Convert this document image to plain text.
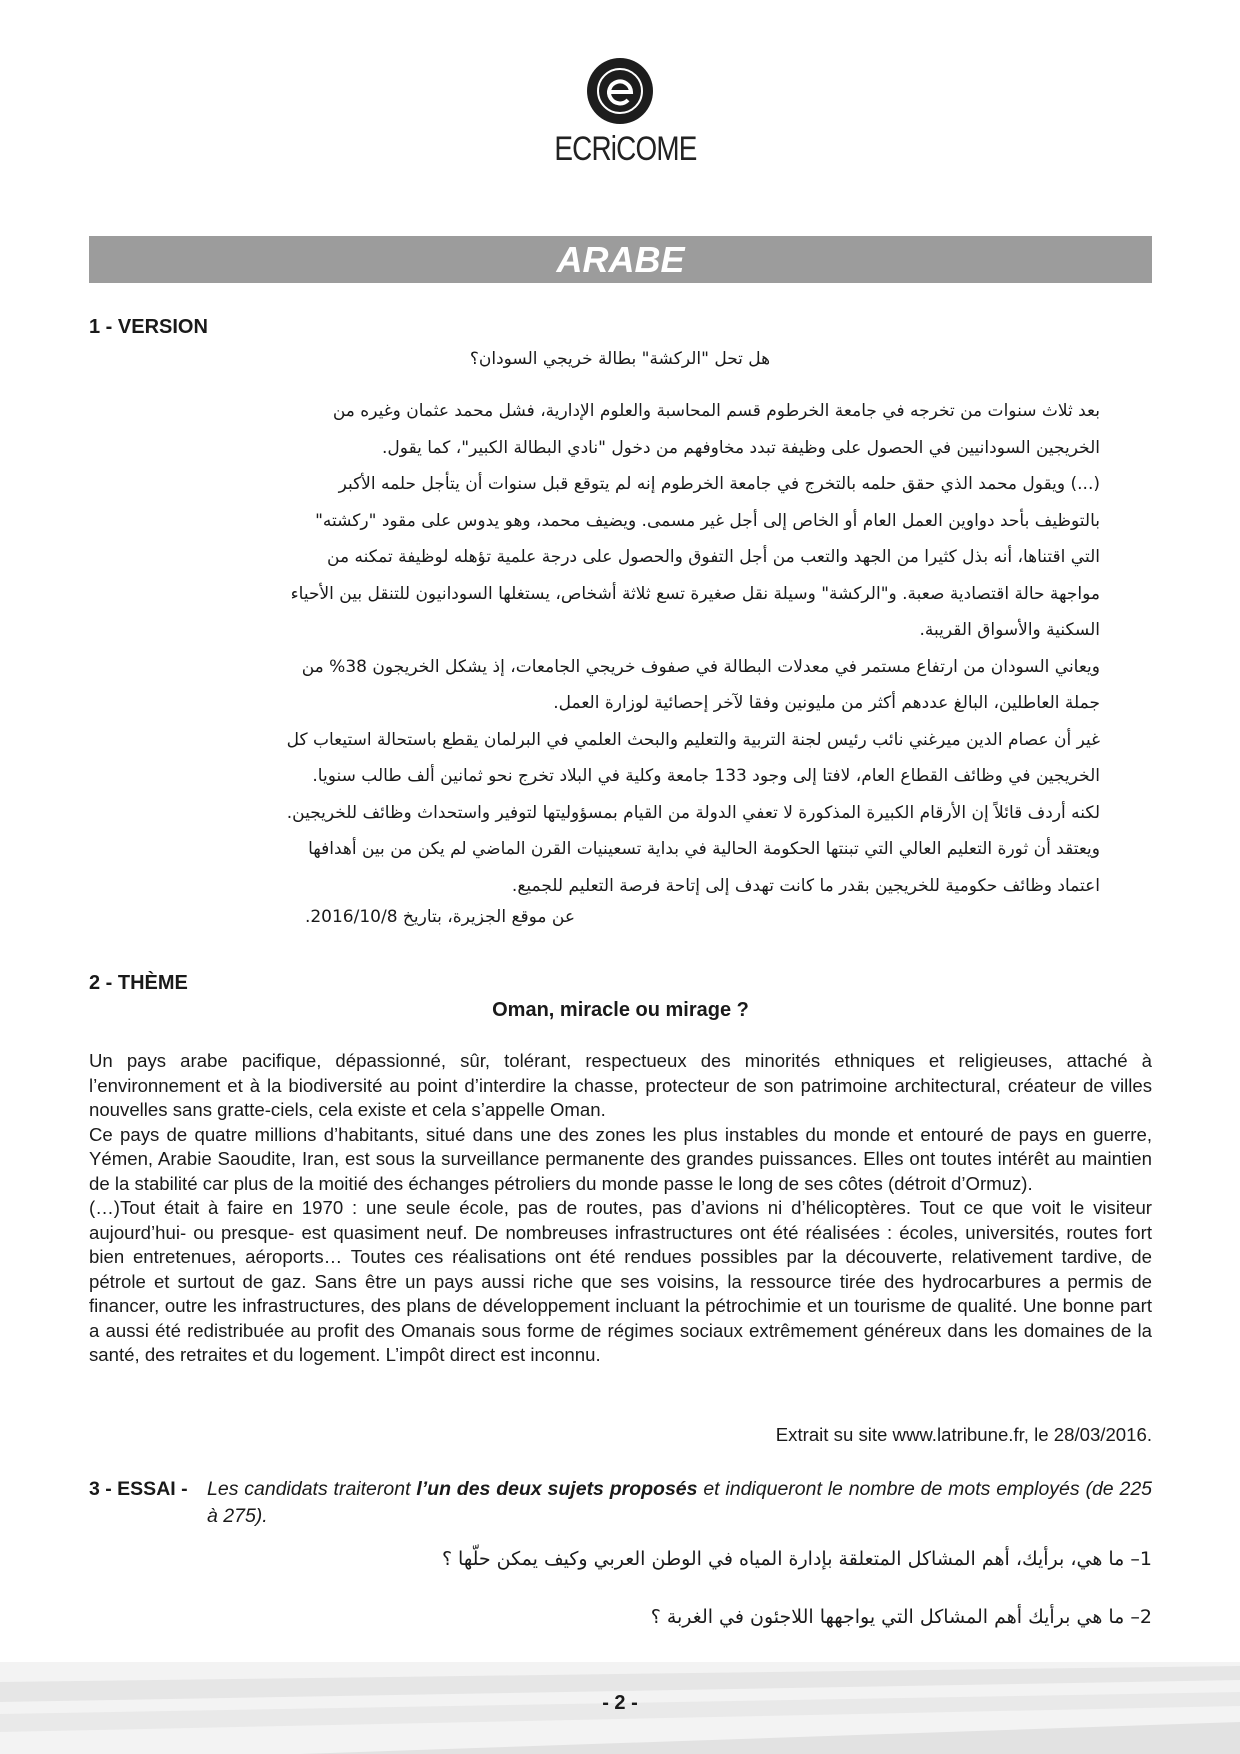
ECRiCOME
ARABE
1 - VERSION
هل تحل "الركشة" بطالة خريجي السودان؟

بعد ثلاث سنوات من تخرجه في جامعة الخرطوم قسم المحاسبة والعلوم الإدارية، فشل محمد عثمان وغيره من

الخريجين السودانيين في الحصول على وظيفة تبدد مخاوفهم من دخول "نادي البطالة الكبير"، كما يقول.

(...) ويقول محمد الذي حقق حلمه بالتخرج في جامعة الخرطوم إنه لم يتوقع قبل سنوات أن يتأجل حلمه الأكبر

بالتوظيف بأحد دواوين العمل العام أو الخاص إلى أجل غير مسمى. ويضيف محمد، وهو يدوس على مقود "ركشته"

التي اقتناها، أنه بذل كثيرا من الجهد والتعب من أجل التفوق والحصول على درجة علمية تؤهله لوظيفة تمكنه من

مواجهة حالة اقتصادية صعبة. و"الركشة" وسيلة نقل صغيرة تسع ثلاثة أشخاص، يستغلها السودانيون للتنقل بين الأحياء

السكنية والأسواق القريبة.

ويعاني السودان من ارتفاع مستمر في معدلات البطالة في صفوف خريجي الجامعات، إذ يشكل الخريجون 38% من

جملة العاطلين، البالغ عددهم أكثر من مليونين وفقا لآخر إحصائية لوزارة العمل.

غير أن عصام الدين ميرغني نائب رئيس لجنة التربية والتعليم والبحث العلمي في البرلمان يقطع باستحالة استيعاب كل

الخريجين في وظائف القطاع العام، لافتا إلى وجود 133 جامعة وكلية في البلاد تخرج نحو ثمانين ألف طالب سنويا.

لكنه أردف قائلاً إن الأرقام الكبيرة المذكورة لا تعفي الدولة من القيام بمسؤوليتها لتوفير واستحداث وظائف للخريجين.

ويعتقد أن ثورة التعليم العالي التي تبنتها الحكومة الحالية في بداية تسعينيات القرن الماضي لم يكن من بين أهدافها

اعتماد وظائف حكومية للخريجين بقدر ما كانت تهدف إلى إتاحة فرصة التعليم للجميع.

عن موقع الجزيرة، بتاريخ 2016/10/8.
2 - THÈME
Oman, miracle ou mirage ?

Un pays arabe pacifique, dépassionné, sûr, tolérant, respectueux des minorités ethniques et religieuses, attaché à l’environnement et à la biodiversité au point d’interdire la chasse, protecteur de son patrimoine architectural, créateur de villes nouvelles sans gratte-ciels, cela existe et cela s’appelle Oman.

Ce pays de quatre millions d’habitants, situé dans une des zones les plus instables du monde et entouré de pays en guerre, Yémen, Arabie Saoudite, Iran, est sous la surveillance permanente des grandes puissances. Elles ont toutes intérêt au maintien de la stabilité car plus de la moitié des échanges pétroliers du monde passe le long de ses côtes (détroit d’Ormuz).

(…)Tout était à faire en 1970 : une seule école, pas de routes, pas d’avions ni d’hélicoptères. Tout ce que voit le visiteur aujourd’hui- ou presque- est quasiment neuf. De nombreuses infrastructures ont été réalisées : écoles, universités, routes fort bien entretenues, aéroports… Toutes ces réalisations ont été rendues possibles par la découverte, relativement tardive, de pétrole et surtout de gaz. Sans être un pays aussi riche que ses voisins, la ressource tirée des hydrocarbures a permis de financer, outre les infrastructures, des plans de développement incluant la pétrochimie et un tourisme de qualité. Une bonne part a aussi été redistribuée au profit des Omanais sous forme de régimes sociaux extrêmement généreux dans les domaines de la santé, des retraites et du logement. L’impôt direct est inconnu.

Extrait su site www.latribune.fr, le 28/03/2016.
3 - ESSAI - Les candidats traiteront l’un des deux sujets proposés et indiqueront le nombre de mots employés (de 225 à 275).
1– ما هي، برأيك، أهم المشاكل المتعلقة بإدارة المياه في الوطن العربي وكيف يمكن حلّها ؟
2– ما هي برأيك أهم المشاكل التي يواجهها اللاجئون في الغربة ؟
- 2 -
